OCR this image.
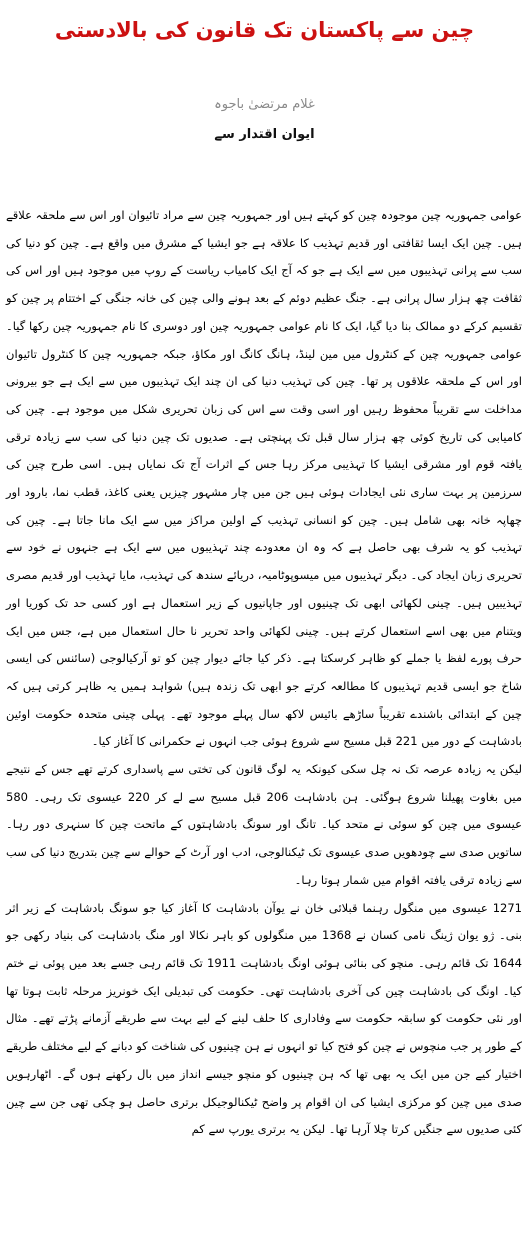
چین سے پاکستان تک قانون کی بالادستی

غلام مرتضیٰ باجوہ

ایوان اقتدار سے

عوامی جمہوریہ چین موجودہ چین کو کہتے ہیں اور جمہوریہ چین سے مراد تائیوان اور اس سے ملحقہ علاقے ہیں۔ چین ایک ایسا ثقافتی اور قدیم تہذیب کا علاقہ ہے جو ایشیا کے مشرق میں واقع ہے۔ چین کو دنیا کی سب سے پرانی تہذیبوں میں سے ایک ہے جو کہ آج ایک کامیاب ریاست کے روپ میں موجود ہیں اور اس کی ثقافت چھ ہزار سال پرانی ہے۔ جنگ عظیم دوئم کے بعد ہونے والی چین کی خانہ جنگی کے اختتام پر چین کو تقسیم کرکے دو ممالک بنا دیا گیا، ایک کا نام عوامی جمہوریہ چین اور دوسری کا نام جمہوریہ چین رکھا گیا۔ عوامی جمہوریہ چین کے کنٹرول میں مین لینڈ، ہانگ کانگ اور مکاؤ، جبکہ جمہوریہ چین کا کنٹرول تائیوان اور اس کے ملحقہ علاقوں پر تھا۔ چین کی تہذیب دنیا کی ان چند ایک تہذیبوں میں سے ایک ہے جو بیرونی مداخلت سے تقریباً محفوظ رہیں اور اسی وقت سے اس کی زبان تحریری شکل میں موجود ہے۔ چین کی کامیابی کی تاریخ کوئی چھ ہزار سال قبل تک پہنچتی ہے۔ صدیوں تک چین دنیا کی سب سے زیادہ ترقی یافتہ قوم اور مشرقی ایشیا کا تہذیبی مرکز رہا جس کے اثرات آج تک نمایاں ہیں۔ اسی طرح چین کی سرزمین پر بہت ساری نئی ایجادات ہوئی ہیں جن میں چار مشہور چیزیں یعنی کاغذ، قطب نما، بارود اور چھاپہ خانہ بھی شامل ہیں۔ چین کو انسانی تہذیب کے اولین مراکز میں سے ایک مانا جاتا ہے۔ چین کی تہذیب کو یہ شرف بھی حاصل ہے کہ وہ ان معدودے چند تہذیبوں میں سے ایک ہے جنہوں نے خود سے تحریری زبان ایجاد کی۔ دیگر تہذیبوں میں میسوپوٹامیہ، دریائے سندھ کی تہذیب، مایا تہذیب اور قدیم مصری تہذیبیں ہیں۔ چینی لکھائی ابھی تک چینیوں اور جاپانیوں کے زیر استعمال ہے اور کسی حد تک کوریا اور ویتنام میں بھی اسے استعمال کرتے ہیں۔ چینی لکھائی واحد تحریر نا حال استعمال میں ہے، جس میں ایک حرف پورے لفظ یا جملے کو ظاہر کرسکتا ہے۔ ذکر کیا جائے دیوار چین کو تو آرکیالوجی (سائنس کی ایسی شاخ جو ایسی قدیم تہذیبوں کا مطالعہ کرتے جو ابھی تک زندہ ہیں) شواہد ہمیں یہ ظاہر کرتی ہیں کہ چین کے ابتدائی باشندے تقریباً ساڑھے بائیس لاکھ سال پہلے موجود تھے۔ پہلی چینی متحدہ حکومت اوئین بادشاہت کے دور میں 221 قبل مسیح سے شروع ہوئی جب انہوں نے حکمرانی کا آغاز کیا۔

لیکن یہ زیادہ عرصہ تک نہ چل سکی کیونکہ یہ لوگ قانون کی تختی سے پاسداری کرتے تھے جس کے نتیجے میں بغاوت پھیلنا شروع ہوگئی۔ ہن بادشاہت 206 قبل مسیح سے لے کر 220 عیسوی تک رہی۔ 580 عیسوی میں چین کو سوئی نے متحد کیا۔ تانگ اور سونگ بادشاہتوں کے ماتحت چین کا سنہری دور رہا۔ ساتویں صدی سے چودھویں صدی عیسوی تک ٹیکنالوجی، ادب اور آرٹ کے حوالے سے چین بتدریج دنیا کی سب سے زیادہ ترقی یافتہ اقوام میں شمار ہوتا رہا۔

1271 عیسوی میں منگول رہنما قبلائی خان نے یوآن بادشاہت کا آغاز کیا جو سونگ بادشاہت کے زیر اثر بنی۔ ژو یوان ژینگ نامی کسان نے 1368 میں منگولوں کو باہر نکالا اور منگ بادشاہت کی بنیاد رکھی جو 1644 تک قائم رہی۔ منچو کی بنائی ہوئی اونگ بادشاہت 1911 تک قائم رہی جسے بعد میں پوئی نے ختم کیا۔ اونگ کی بادشاہت چین کی آخری بادشاہت تھی۔ حکومت کی تبدیلی ایک خونریز مرحلہ ثابت ہوتا تھا اور نئی حکومت کو سابقہ حکومت سے وفاداری کا حلف لینے کے لیے بہت سے طریقے آزمانے پڑتے تھے۔ مثال کے طور پر جب منچوس نے چین کو فتح کیا تو انہوں نے ہن چینیوں کی شناخت کو دبانے کے لیے مختلف طریقے اختیار کیے جن میں ایک یہ بھی تھا کہ ہن چینیوں کو منچو جیسے انداز میں بال رکھنے ہوں گے۔ اٹھارہویں صدی میں چین کو مرکزی ایشیا کی ان اقوام پر واضح ٹیکنالوجیکل برتری حاصل ہو چکی تھی جن سے چین کئی صدیوں سے جنگیں کرتا چلا آرہا تھا۔ لیکن یہ برتری یورپ سے کم
